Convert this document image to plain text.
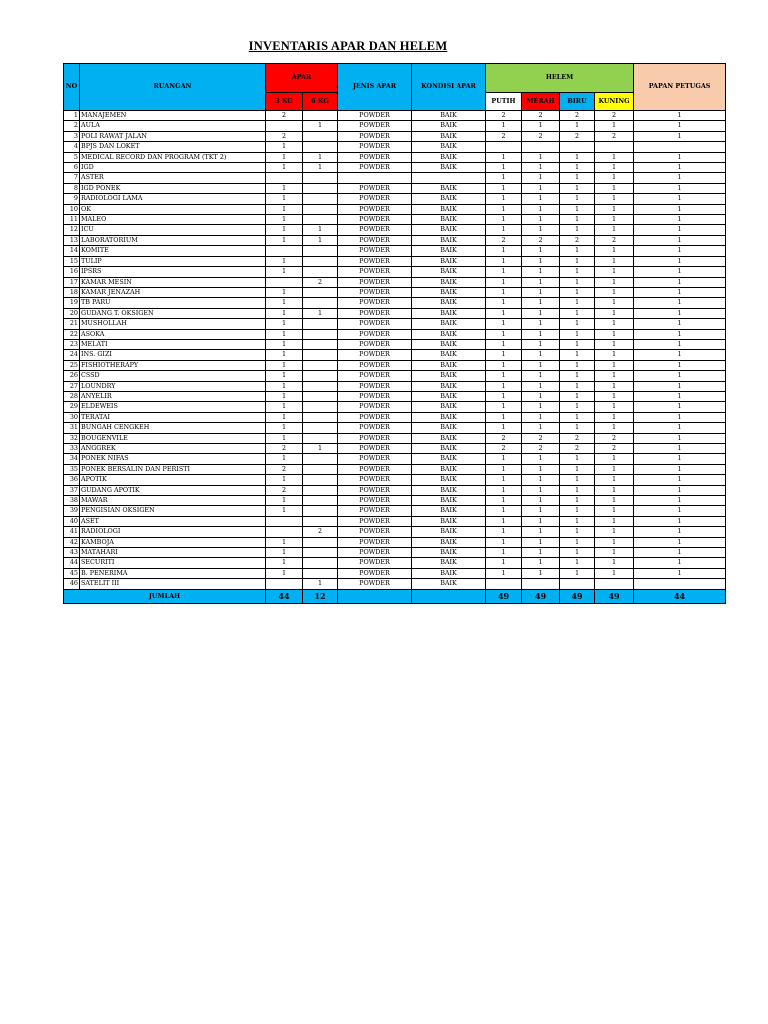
INVENTARIS APAR DAN HELEM
NO	RUANGAN	APAR		JENIS APAR	KONDISI APAR	HELEM				PAPAN PETUGAS
		3 KG	6 KG			PUTIH	MERAH	BIRU	KUNING	
1	MANAJEMEN	2		POWDER	BAIK	2	2	2	2	1
2	AULA		1	POWDER	BAIK	1	1	1	1	1
3	POLI RAWAT JALAN	2		POWDER	BAIK	2	2	2	2	1
4	BPJS DAN LOKET	1		POWDER	BAIK					
5	MEDICAL RECORD DAN PROGRAM (TKT 2)	1	1	POWDER	BAIK	1	1	1	1	1
6	IGD	1	1	POWDER	BAIK	1	1	1	1	1
7	ASTER					1	1	1	1	1
8	IGD PONEK	1		POWDER	BAIK	1	1	1	1	1
9	RADIOLOGI LAMA	1		POWDER	BAIK	1	1	1	1	1
10	OK	1		POWDER	BAIK	1	1	1	1	1
11	MALEO	1		POWDER	BAIK	1	1	1	1	1
12	ICU	1	1	POWDER	BAIK	1	1	1	1	1
13	LABORATORIUM	1	1	POWDER	BAIK	2	2	2	2	1
14	KOMITE			POWDER	BAIK	1	1	1	1	1
15	TULIP	1		POWDER	BAIK	1	1	1	1	1
16	IPSRS	1		POWDER	BAIK	1	1	1	1	1
17	KAMAR MESIN		2	POWDER	BAIK	1	1	1	1	1
18	KAMAR JENAZAH	1		POWDER	BAIK	1	1	1	1	1
19	TB PARU	1		POWDER	BAIK	1	1	1	1	1
20	GUDANG T. OKSIGEN	1	1	POWDER	BAIK	1	1	1	1	1
21	MUSHOLLAH	1		POWDER	BAIK	1	1	1	1	1
22	ASOKA	1		POWDER	BAIK	1	1	1	1	1
23	MELATI	1		POWDER	BAIK	1	1	1	1	1
24	INS. GIZI	1		POWDER	BAIK	1	1	1	1	1
25	FISHIOTHERAPY	1		POWDER	BAIK	1	1	1	1	1
26	CSSD	1		POWDER	BAIK	1	1	1	1	1
27	LOUNDRY	1		POWDER	BAIK	1	1	1	1	1
28	ANYELIR	1		POWDER	BAIK	1	1	1	1	1
29	ELDEWEIS	1		POWDER	BAIK	1	1	1	1	1
30	TERATAI	1		POWDER	BAIK	1	1	1	1	1
31	BUNGAH CENGKEH	1		POWDER	BAIK	1	1	1	1	1
32	BOUGENVILE	1		POWDER	BAIK	2	2	2	2	1
33	ANGGREK	2	1	POWDER	BAIK	2	2	2	2	1
34	PONEK NIFAS	1		POWDER	BAIK	1	1	1	1	1
35	PONEK BERSALIN DAN PERISTI	2		POWDER	BAIK	1	1	1	1	1
36	APOTIK	1		POWDER	BAIK	1	1	1	1	1
37	GUDANG APOTIK	2		POWDER	BAIK	1	1	1	1	1
38	MAWAR	1		POWDER	BAIK	1	1	1	1	1
39	PENGISIAN OKSIGEN	1		POWDER	BAIK	1	1	1	1	1
40	ASET			POWDER	BAIK	1	1	1	1	1
41	RADIOLOGI		2	POWDER	BAIK	1	1	1	1	1
42	KAMBOJA	1		POWDER	BAIK	1	1	1	1	1
43	MATAHARI	1		POWDER	BAIK	1	1	1	1	1
44	SECURITI	1		POWDER	BAIK	1	1	1	1	1
45	B. PENERIMA	1		POWDER	BAIK	1	1	1	1	1
46	SATELIT III		1	POWDER	BAIK					
JUMLAH		44	12			49	49	49	49	44
